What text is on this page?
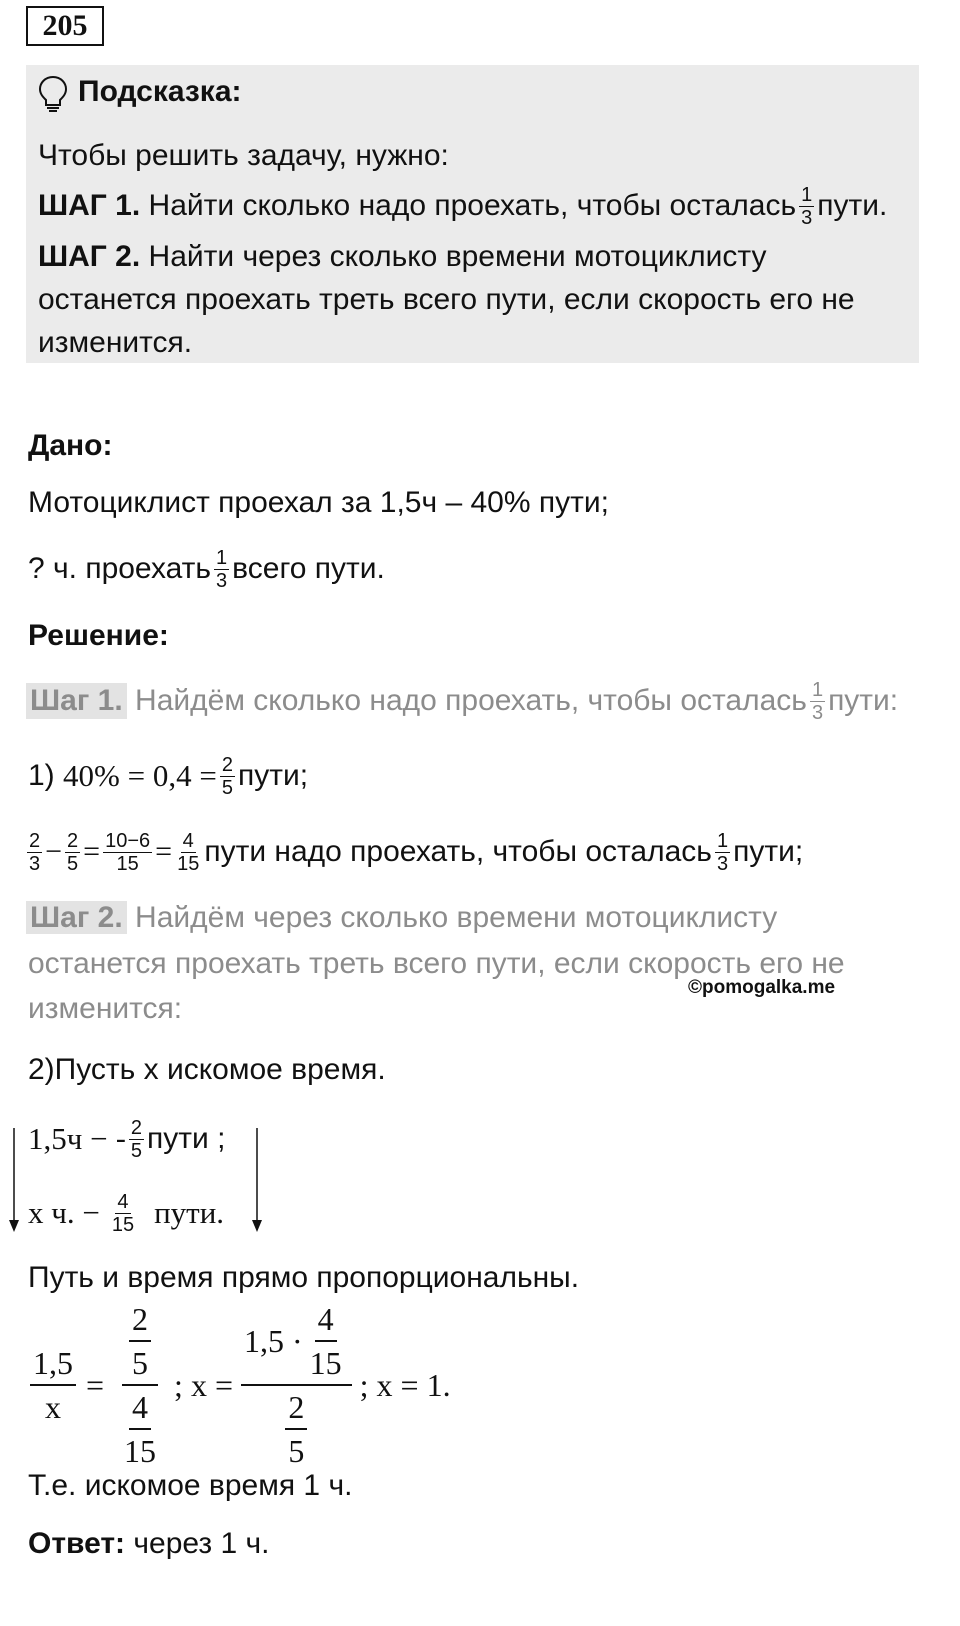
205
Подсказка:
Чтобы решить задачу, нужно:
ШАГ 1.
Найти сколько надо проехать, чтобы осталась $\frac{1}{3}$ пути.
ШАГ 2. Найти через сколько времени мотоциклисту
останется проехать треть всего пути, если скорость его не
изменится.
Дано:
Мотоциклист проехал за 1,5ч – 40% пути;
? ч. проехать $\frac{1}{3}$ всего пути.
Решение:
Шаг 1.
Найдём сколько надо проехать, чтобы осталась $\frac{1}{3}$ пути:
1)
$40\% = 0,4 = \frac{2}{5}$ пути;
$\frac{2}{3} - \frac{2}{5} = \frac{10-6}{15} = \frac{4}{15}$ пути надо проехать, чтобы осталась $\frac{1}{3}$ пути;
Шаг 2. Найдём через сколько времени мотоциклисту
останется проехать треть всего пути, если скорость его не
изменится:
©pomogalka.me
2)Пусть x искомое время.
1,5ч −
- $\frac{2}{5}$ пути ;
x ч. − $\frac{4}{15}$ пути.
Путь и время прямо пропорциональны.
$\frac{1,5}{x} = \frac{\frac{2}{5}}{\frac{4}{15}}$ ; x = 1,5 ·
4
15
$\frac{2}{5}$ ; x = 1.
Т.е. искомое время 1 ч.
Ответ: через 1 ч.
